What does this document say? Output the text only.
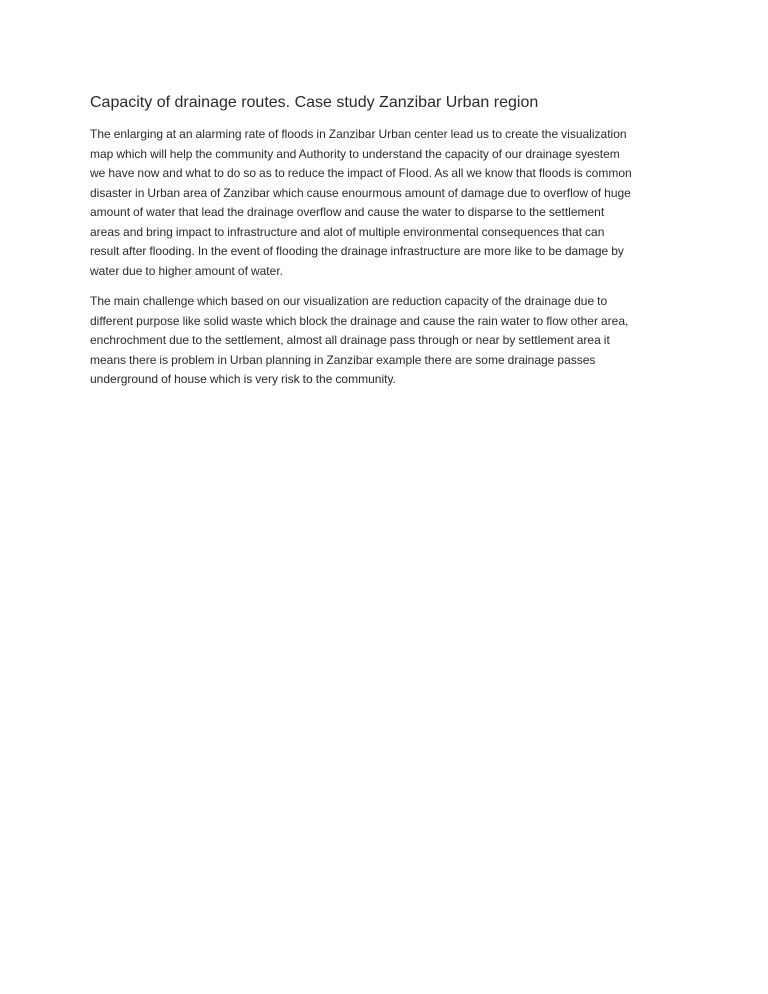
Capacity of drainage routes. Case study Zanzibar Urban region

The enlarging at an alarming rate of floods in Zanzibar Urban center lead us to create the visualization
map which will help the community and Authority to understand the capacity of our drainage syestem
we have now and what to do so as to reduce the impact of Flood. As all we know that floods is common
disaster in Urban area of Zanzibar which cause enourmous amount of damage due to overflow of huge
amount of water that lead the drainage overflow and cause the water to disparse to the settlement
areas and bring impact to infrastructure and alot of multiple environmental consequences that can
result after flooding. In the event of flooding the drainage infrastructure are more like to be damage by
water due to higher amount of water.

The main challenge which based on our visualization are reduction capacity of the drainage due to
different purpose like solid waste which block the drainage and cause the rain water to flow other area,
enchrochment due to the settlement, almost all drainage pass through or near by settlement area it
means there is problem in Urban planning in Zanzibar example there are some drainage passes
underground of house which is very risk to the community.
